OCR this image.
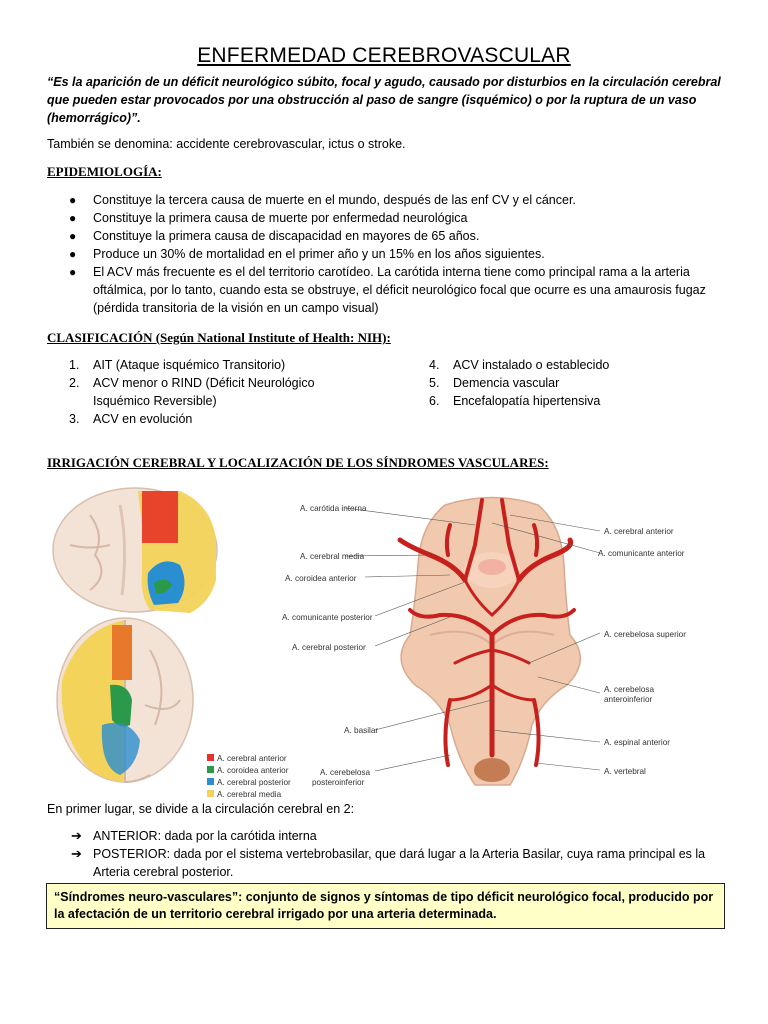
ENFERMEDAD CEREBROVASCULAR
“Es la aparición de un déficit neurológico súbito, focal y agudo, causado por disturbios en la circulación cerebral que pueden estar provocados por una obstrucción al paso de sangre (isquémico) o por la ruptura de un vaso (hemorrágico)”.
También se denomina: accidente cerebrovascular, ictus o stroke.
EPIDEMIOLOGÍA:
● Constituye la tercera causa de muerte en el mundo, después de las enf CV y el cáncer.
● Constituye la primera causa de muerte por enfermedad neurológica
● Constituye la primera causa de discapacidad en mayores de 65 años.
● Produce un 30% de mortalidad en el primer año y un 15% en los años siguientes.
● El ACV más frecuente es el del territorio carotídeo. La carótida interna tiene como principal rama a la arteria oftálmica, por lo tanto, cuando esta se obstruye, el déficit neurológico focal que ocurre es una amaurosis fugaz (pérdida transitoria de la visión en un campo visual)
CLASIFICACIÓN (Según National Institute of Health: NIH):
1. AIT (Ataque isquémico Transitorio)
2. ACV menor o RIND (Déficit Neurológico Isquémico Reversible)
3. ACV en evolución
4. ACV instalado o establecido
5. Demencia vascular
6. Encefalopatía hipertensiva
IRRIGACIÓN CEREBRAL Y LOCALIZACIÓN DE LOS SÍNDROMES VASCULARES:
A. cerebral anterior
A. coroidea anterior
A. cerebral posterior
A. cerebral media
A. carótida interna
A. cerebral media
A. coroidea anterior
A. comunicante posterior
A. cerebral posterior
A. basilar
A. cerebelosa
posteroinferior
A. cerebral anterior
A. comunicante anterior
A. cerebelosa superior
A. cerebelosa
anteroinferior
A. espinal anterior
A. vertebral
En primer lugar, se divide a la circulación cerebral en 2:
➔ ANTERIOR: dada por la carótida interna
➔ POSTERIOR: dada por el sistema vertebrobasilar, que dará lugar a la Arteria Basilar, cuya rama principal es la Arteria cerebral posterior.
“Síndromes neuro-vasculares”: conjunto de signos y síntomas de tipo déficit neurológico focal, producido por la afectación de un territorio cerebral irrigado por una arteria determinada.
